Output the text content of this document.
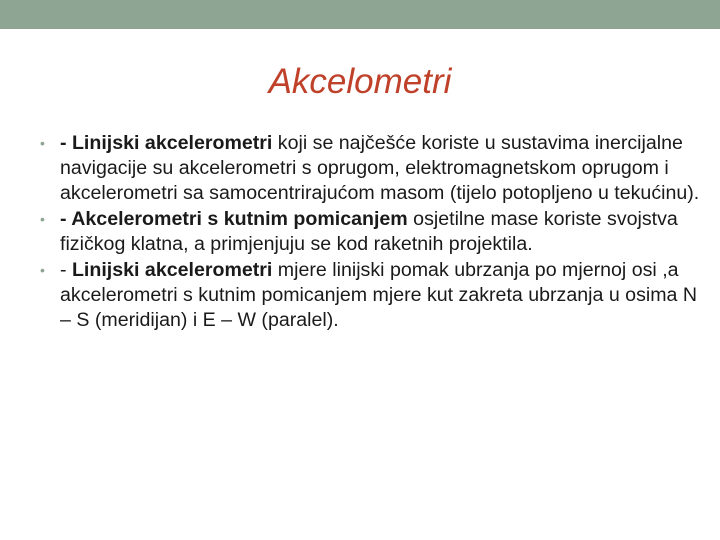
Akcelometri
• - Linijski akcelerometri koji se najčešće koriste u sustavima inercijalne navigacije su akcelerometri s oprugom, elektromagnetskom oprugom i akcelerometri sa samocentrirajućom masom (tijelo potopljeno u tekućinu).
• - Akcelerometri s kutnim pomicanjem osjetilne mase koriste svojstva fizičkog klatna, a primjenjuju se kod raketnih projektila.
• - Linijski akcelerometri mjere linijski pomak ubrzanja po mjernoj osi ,a akcelerometri s kutnim pomicanjem mjere kut zakreta ubrzanja u osima N – S (meridijan) i E – W (paralel).
